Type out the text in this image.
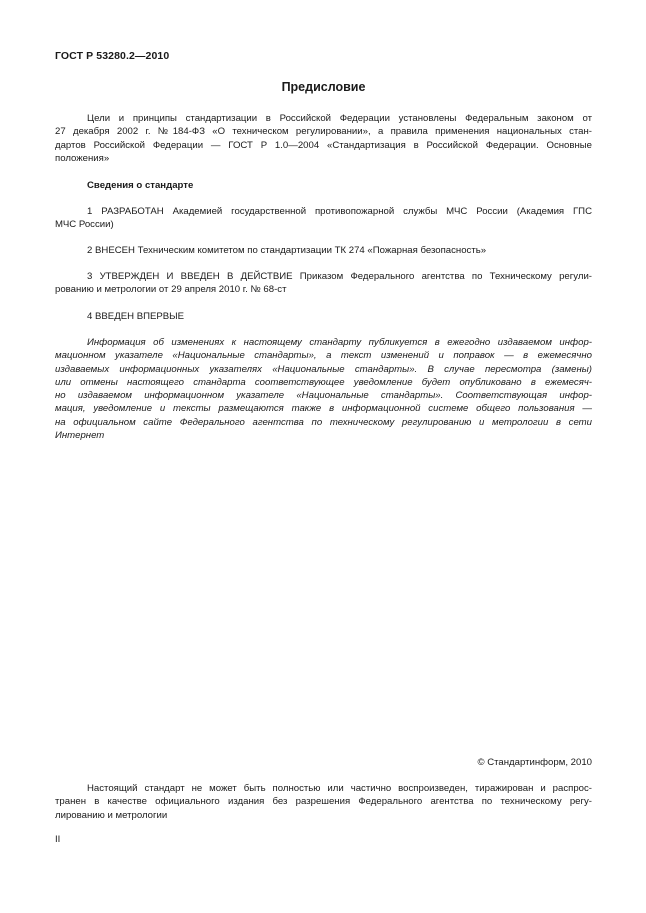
ГОСТ Р 53280.2—2010
Предисловие
Цели и принципы стандартизации в Российской Федерации установлены Федеральным законом от
27 декабря 2002 г. №184-ФЗ «О техническом регулировании», а правила применения национальных стан-
дартов Российской Федерации — ГОСТ Р 1.0—2004 «Стандартизация в Российской Федерации. Основные
положения»
Сведения о стандарте
1 РАЗРАБОТАН Академией государственной противопожарной службы МЧС России (Академия ГПС
МЧС России)
2 ВНЕСЕН Техническим комитетом по стандартизации ТК 274 «Пожарная безопасность»
3 УТВЕРЖДЕН И ВВЕДЕН В ДЕЙСТВИЕ Приказом Федерального агентства по Техническому регули-
рованию и метрологии от 29 апреля 2010 г. № 68-ст
4 ВВЕДЕН ВПЕРВЫЕ
Информация об изменениях к настоящему стандарту публикуется в ежегодно издаваемом инфор-
мационном указателе «Национальные стандарты», а текст изменений и поправок — в ежемесячно
издаваемых информационных указателях «Национальные стандарты». В случае пересмотра (замены)
или отмены настоящего стандарта соответствующее уведомление будет опубликовано в ежемесяч-
но издаваемом информационном указателе «Национальные стандарты». Соответствующая инфор-
мация, уведомление и тексты размещаются также в информационной системе общего пользования —
на официальном сайте Федерального агентства по техническому регулированию и метрологии в сети
Интернет
© Стандартинформ, 2010
Настоящий стандарт не может быть полностью или частично воспроизведен, тиражирован и распрос-
транен в качестве официального издания без разрешения Федерального агентства по техническому регу-
лированию и метрологии
II
